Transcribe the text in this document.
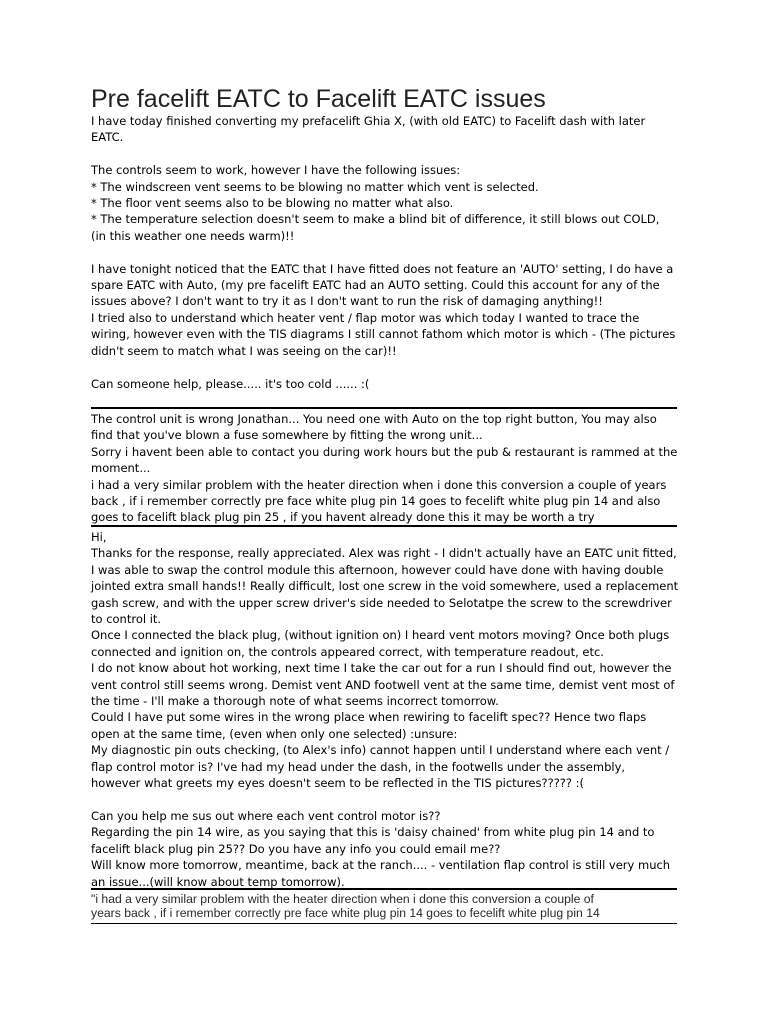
Pre facelift EATC to Facelift EATC issues
I have today finished converting my prefacelift Ghia X, (with old EATC) to Facelift dash with later
EATC.

The controls seem to work, however I have the following issues:
* The windscreen vent seems to be blowing no matter which vent is selected.
* The floor vent seems also to be blowing no matter what also.
* The temperature selection doesn't seem to make a blind bit of difference, it still blows out COLD,
(in this weather one needs warm)!!

I have tonight noticed that the EATC that I have fitted does not feature an 'AUTO' setting, I do have a
spare EATC with Auto, (my pre facelift EATC had an AUTO setting. Could this account for any of the
issues above? I don't want to try it as I don't want to run the risk of damaging anything!!
I tried also to understand which heater vent / flap motor was which today I wanted to trace the
wiring, however even with the TIS diagrams I still cannot fathom which motor is which - (The pictures
didn't seem to match what I was seeing on the car)!!

Can someone help, please..... it's too cold ...... :(
The control unit is wrong Jonathan... You need one with Auto on the top right button, You may also
find that you've blown a fuse somewhere by fitting the wrong unit...
Sorry i havent been able to contact you during work hours but the pub & restaurant is rammed at the
moment...
i had a very similar problem with the heater direction when i done this conversion a couple of years
back , if i remember correctly pre face white plug pin 14 goes to fecelift white plug pin 14 and also
goes to facelift black plug pin 25 , if you havent already done this it may be worth a try
Hi,
Thanks for the response, really appreciated. Alex was right - I didn't actually have an EATC unit fitted,
I was able to swap the control module this afternoon, however could have done with having double
jointed extra small hands!! Really difficult, lost one screw in the void somewhere, used a replacement
gash screw, and with the upper screw driver's side needed to Selotatpe the screw to the screwdriver
to control it.
Once I connected the black plug, (without ignition on) I heard vent motors moving? Once both plugs
connected and ignition on, the controls appeared correct, with temperature readout, etc.
I do not know about hot working, next time I take the car out for a run I should find out, however the
vent control still seems wrong. Demist vent AND footwell vent at the same time, demist vent most of
the time - I'll make a thorough note of what seems incorrect tomorrow.
Could I have put some wires in the wrong place when rewiring to facelift spec?? Hence two flaps
open at the same time, (even when only one selected) :unsure:
My diagnostic pin outs checking, (to Alex's info) cannot happen until I understand where each vent /
flap control motor is? I've had my head under the dash, in the footwells under the assembly,
however what greets my eyes doesn't seem to be reflected in the TIS pictures????? :(

Can you help me sus out where each vent control motor is??
Regarding the pin 14 wire, as you saying that this is 'daisy chained' from white plug pin 14 and to
facelift black plug pin 25?? Do you have any info you could email me??
Will know more tomorrow, meantime, back at the ranch.... - ventilation flap control is still very much
an issue...(will know about temp tomorrow).
"i had a very similar problem with the heater direction when i done this conversion a couple of
years back , if i remember correctly pre face white plug pin 14 goes to fecelift white plug pin 14
